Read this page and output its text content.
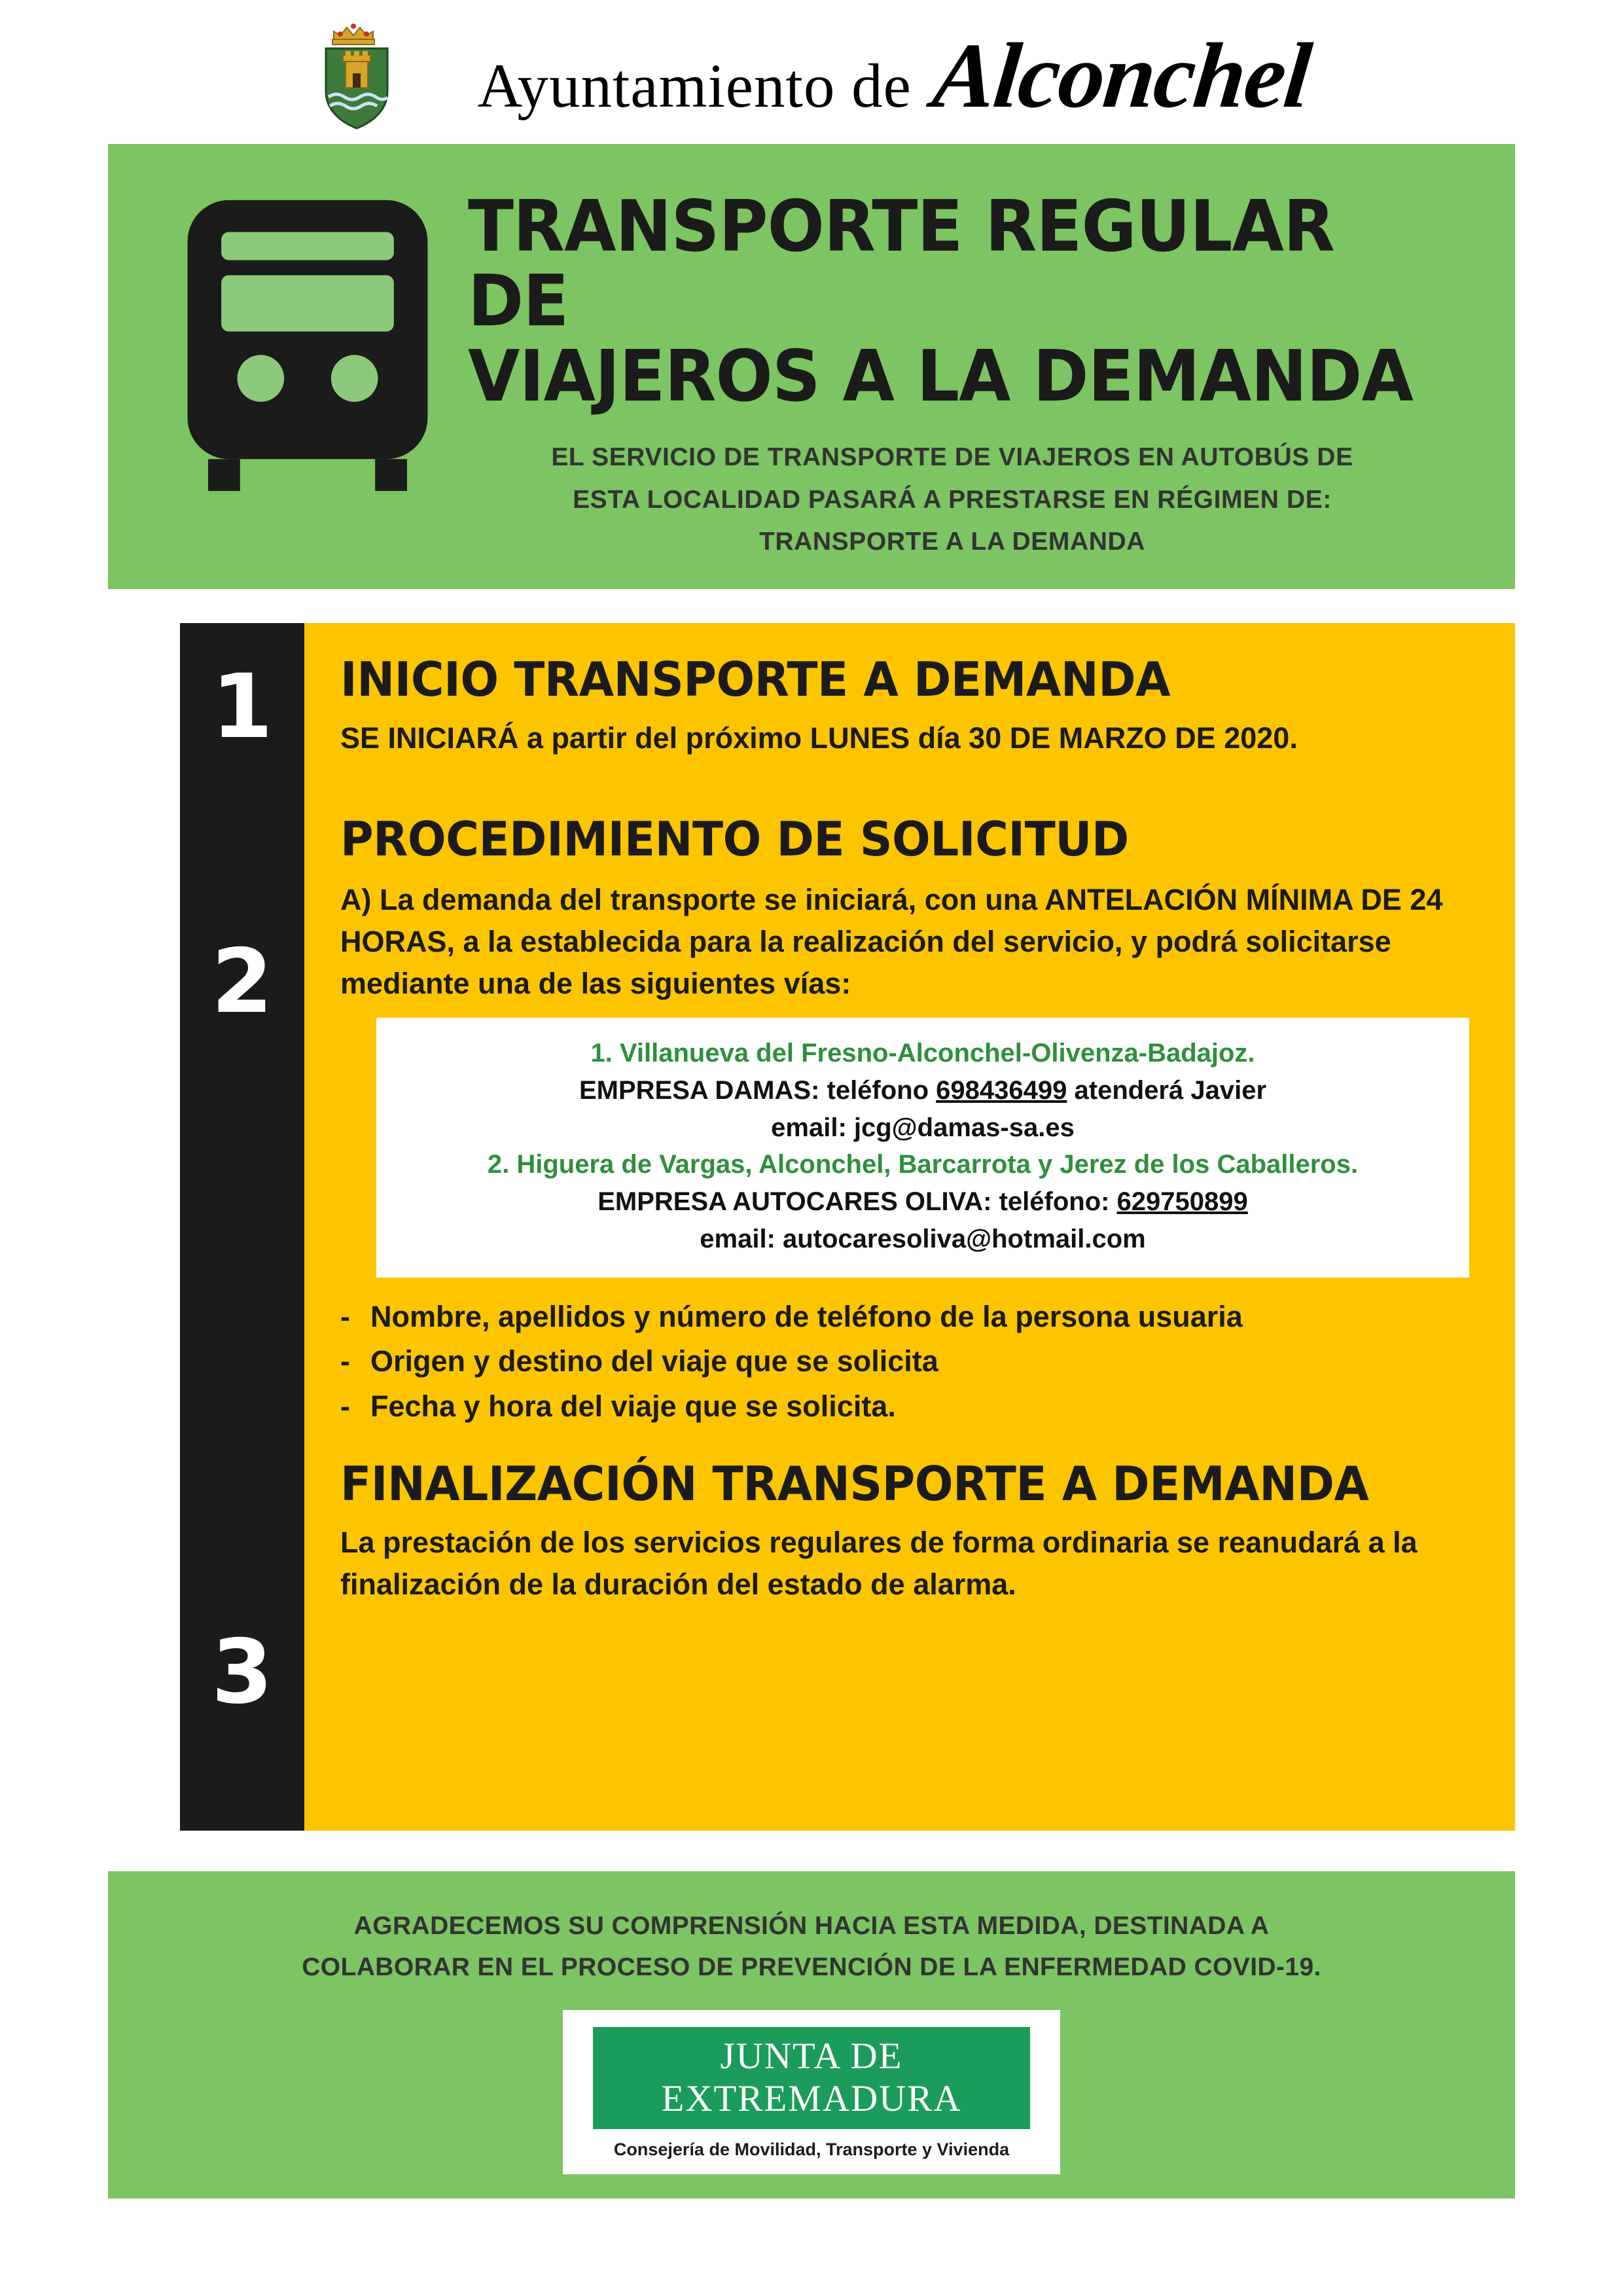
Ayuntamiento de Alconchel
TRANSPORTE REGULAR DE
VIAJEROS A LA DEMANDA
EL SERVICIO DE TRANSPORTE DE VIAJEROS EN AUTOBÚS DE
ESTA LOCALIDAD PASARÁ A PRESTARSE EN RÉGIMEN DE:
TRANSPORTE A LA DEMANDA
1
2
3
INICIO TRANSPORTE A DEMANDA
SE INICIARÁ a partir del próximo LUNES día 30 DE MARZO DE 2020.
PROCEDIMIENTO DE SOLICITUD
A) La demanda del transporte se iniciará, con una ANTELACIÓN MÍNIMA DE 24 HORAS, a la establecida para la realización del servicio, y podrá solicitarse mediante una de las siguientes vías:
1. Villanueva del Fresno-Alconchel-Olivenza-Badajoz.
EMPRESA DAMAS: teléfono 698436499 atenderá Javier
email: jcg@damas-sa.es
2. Higuera de Vargas, Alconchel, Barcarrota y Jerez de los Caballeros.
EMPRESA AUTOCARES OLIVA: teléfono: 629750899
email: autocaresoliva@hotmail.com
- Nombre, apellidos y número de teléfono de la persona usuaria
- Origen y destino del viaje que se solicita
- Fecha y hora del viaje que se solicita.
FINALIZACIÓN TRANSPORTE A DEMANDA
La prestación de los servicios regulares de forma ordinaria se reanudará a la finalización de la duración del estado de alarma.
AGRADECEMOS SU COMPRENSIÓN HACIA ESTA MEDIDA, DESTINADA A
COLABORAR EN EL PROCESO DE PREVENCIÓN DE LA ENFERMEDAD COVID-19.
JUNTA DE EXTREMADURA
Consejería de Movilidad, Transporte y Vivienda
